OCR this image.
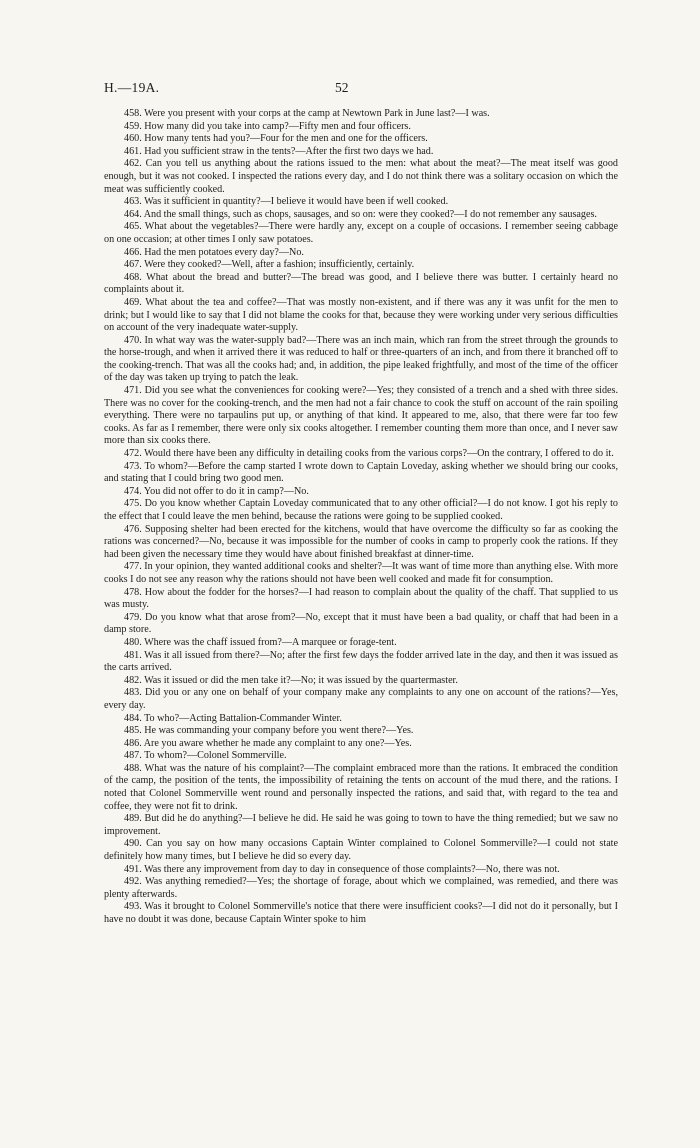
H.—19A.	52

458. Were you present with your corps at the camp at Newtown Park in June last?—I was.

459. How many did you take into camp?—Fifty men and four officers.

460. How many tents had you?—Four for the men and one for the officers.

461. Had you sufficient straw in the tents?—After the first two days we had.

462. Can you tell us anything about the rations issued to the men: what about the meat?—The meat itself was good enough, but it was not cooked. I inspected the rations every day, and I do not think there was a solitary occasion on which the meat was sufficiently cooked.

463. Was it sufficient in quantity?—I believe it would have been if well cooked.

464. And the small things, such as chops, sausages, and so on: were they cooked?—I do not remember any sausages.

465. What about the vegetables?—There were hardly any, except on a couple of occasions. I remember seeing cabbage on one occasion; at other times I only saw potatoes.

466. Had the men potatoes every day?—No.

467. Were they cooked?—Well, after a fashion; insufficiently, certainly.

468. What about the bread and butter?—The bread was good, and I believe there was butter. I certainly heard no complaints about it.

469. What about the tea and coffee?—That was mostly non-existent, and if there was any it was unfit for the men to drink; but I would like to say that I did not blame the cooks for that, because they were working under very serious difficulties on account of the very inadequate water-supply.

470. In what way was the water-supply bad?—There was an inch main, which ran from the street through the grounds to the horse-trough, and when it arrived there it was reduced to half or three-quarters of an inch, and from there it branched off to the cooking-trench. That was all the cooks had; and, in addition, the pipe leaked frightfully, and most of the time of the officer of the day was taken up trying to patch the leak.

471. Did you see what the conveniences for cooking were?—Yes; they consisted of a trench and a shed with three sides. There was no cover for the cooking-trench, and the men had not a fair chance to cook the stuff on account of the rain spoiling everything. There were no tarpaulins put up, or anything of that kind. It appeared to me, also, that there were far too few cooks. As far as I remember, there were only six cooks altogether. I remember counting them more than once, and I never saw more than six cooks there.

472. Would there have been any difficulty in detailing cooks from the various corps?—On the contrary, I offered to do it.

473. To whom?—Before the camp started I wrote down to Captain Loveday, asking whether we should bring our cooks, and stating that I could bring two good men.

474. You did not offer to do it in camp?—No.

475. Do you know whether Captain Loveday communicated that to any other official?—I do not know. I got his reply to the effect that I could leave the men behind, because the rations were going to be supplied cooked.

476. Supposing shelter had been erected for the kitchens, would that have overcome the difficulty so far as cooking the rations was concerned?—No, because it was impossible for the number of cooks in camp to properly cook the rations. If they had been given the necessary time they would have about finished breakfast at dinner-time.

477. In your opinion, they wanted additional cooks and shelter?—It was want of time more than anything else. With more cooks I do not see any reason why the rations should not have been well cooked and made fit for consumption.

478. How about the fodder for the horses?—I had reason to complain about the quality of the chaff. That supplied to us was musty.

479. Do you know what that arose from?—No, except that it must have been a bad quality, or chaff that had been in a damp store.

480. Where was the chaff issued from?—A marquee or forage-tent.

481. Was it all issued from there?—No; after the first few days the fodder arrived late in the day, and then it was issued as the carts arrived.

482. Was it issued or did the men take it?—No; it was issued by the quartermaster.

483. Did you or any one on behalf of your company make any complaints to any one on account of the rations?—Yes, every day.

484. To who?—Acting Battalion-Commander Winter.

485. He was commanding your company before you went there?—Yes.

486. Are you aware whether he made any complaint to any one?—Yes.

487. To whom?—Colonel Sommerville.

488. What was the nature of his complaint?—The complaint embraced more than the rations. It embraced the condition of the camp, the position of the tents, the impossibility of retaining the tents on account of the mud there, and the rations. I noted that Colonel Sommerville went round and personally inspected the rations, and said that, with regard to the tea and coffee, they were not fit to drink.

489. But did he do anything?—I believe he did. He said he was going to town to have the thing remedied; but we saw no improvement.

490. Can you say on how many occasions Captain Winter complained to Colonel Sommerville?—I could not state definitely how many times, but I believe he did so every day.

491. Was there any improvement from day to day in consequence of those complaints?—No, there was not.

492. Was anything remedied?—Yes; the shortage of forage, about which we complained, was remedied, and there was plenty afterwards.

493. Was it brought to Colonel Sommerville's notice that there were insufficient cooks?—I did not do it personally, but I have no doubt it was done, because Captain Winter spoke to him
